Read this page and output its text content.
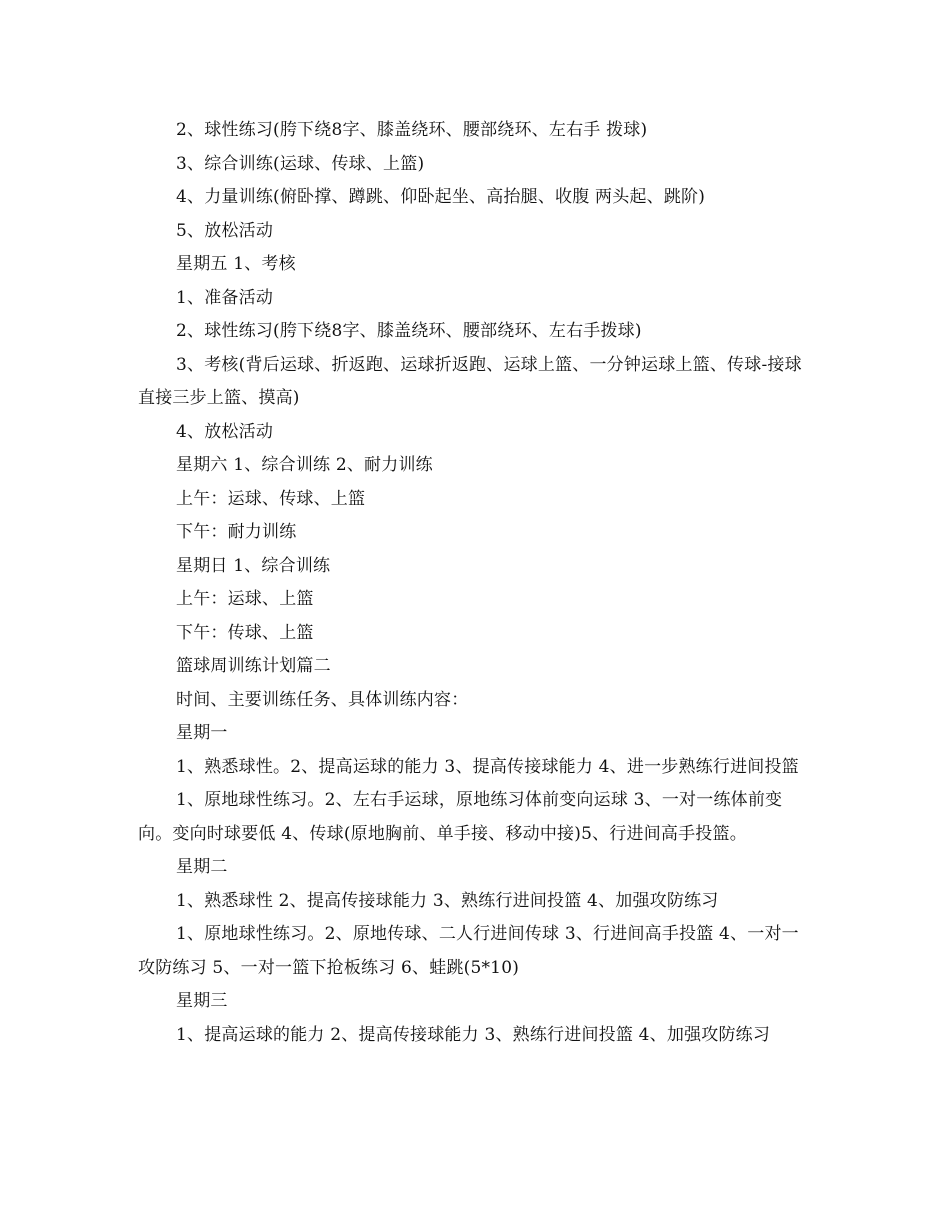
2、球性练习(胯下绕8字、膝盖绕环、腰部绕环、左右手 拨球)

3、综合训练(运球、传球、上篮)

4、力量训练(俯卧撑、蹲跳、仰卧起坐、高抬腿、收腹 两头起、跳阶)

5、放松活动

星期五 1、考核

1、准备活动

2、球性练习(胯下绕8字、膝盖绕环、腰部绕环、左右手拨球)

3、考核(背后运球、折返跑、运球折返跑、运球上篮、一分钟运球上篮、传球-接球直接三步上篮、摸高)

4、放松活动

星期六 1、综合训练 2、耐力训练

上午：运球、传球、上篮

下午：耐力训练

星期日 1、综合训练

上午：运球、上篮

下午：传球、上篮

篮球周训练计划篇二

时间、主要训练任务、具体训练内容：

星期一

1、熟悉球性。2、提高运球的能力 3、提高传接球能力 4、进一步熟练行进间投篮

1、原地球性练习。2、左右手运球，原地练习体前变向运球 3、一对一练体前变向。变向时球要低 4、传球(原地胸前、单手接、移动中接)5、行进间高手投篮。

星期二

1、熟悉球性 2、提高传接球能力 3、熟练行进间投篮 4、加强攻防练习

1、原地球性练习。2、原地传球、二人行进间传球 3、行进间高手投篮 4、一对一攻防练习 5、一对一篮下抢板练习 6、蛙跳(5*10)

星期三

1、提高运球的能力 2、提高传接球能力 3、熟练行进间投篮 4、加强攻防练习
